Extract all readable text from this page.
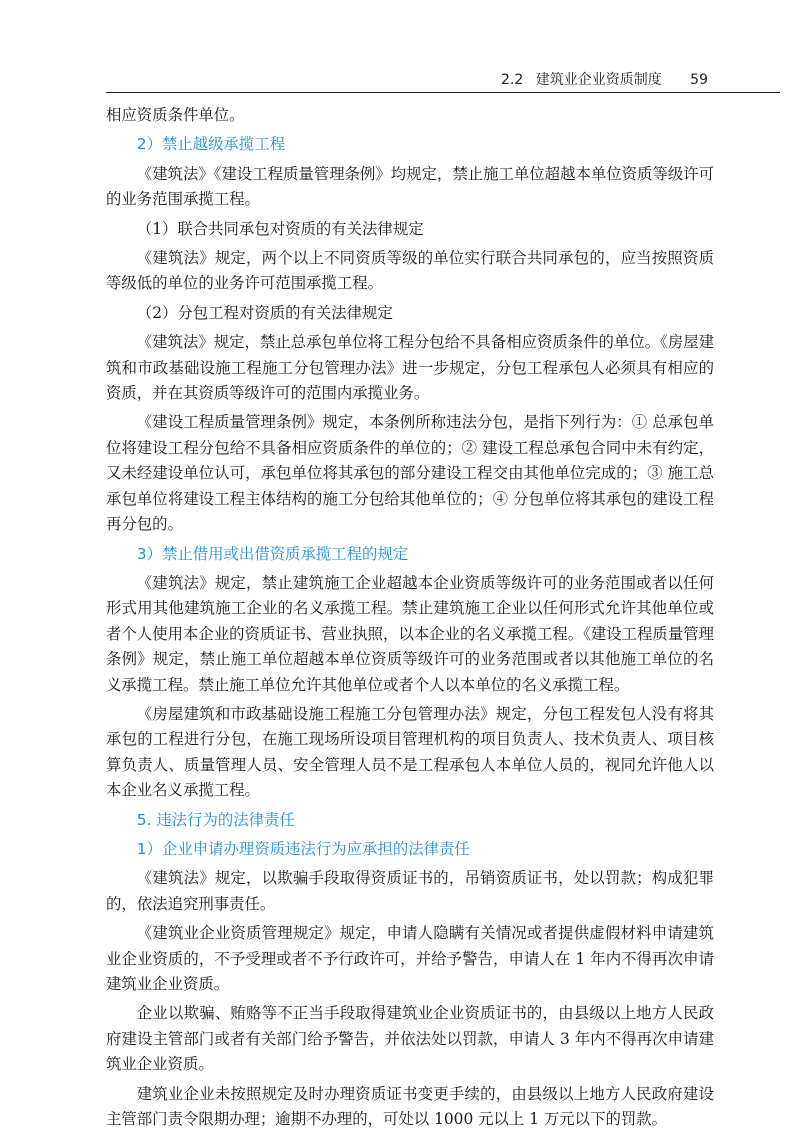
2.2 建筑业企业资质制度 59

相应资质条件单位。

2）禁止越级承揽工程

《建筑法》《建设工程质量管理条例》均规定，禁止施工单位超越本单位资质等级许可的业务范围承揽工程。

（1）联合共同承包对资质的有关法律规定

《建筑法》规定，两个以上不同资质等级的单位实行联合共同承包的，应当按照资质等级低的单位的业务许可范围承揽工程。

（2）分包工程对资质的有关法律规定

《建筑法》规定，禁止总承包单位将工程分包给不具备相应资质条件的单位。《房屋建筑和市政基础设施工程施工分包管理办法》进一步规定，分包工程承包人必须具有相应的资质，并在其资质等级许可的范围内承揽业务。

《建设工程质量管理条例》规定，本条例所称违法分包，是指下列行为：① 总承包单位将建设工程分包给不具备相应资质条件的单位的；② 建设工程总承包合同中未有约定，又未经建设单位认可，承包单位将其承包的部分建设工程交由其他单位完成的；③ 施工总承包单位将建设工程主体结构的施工分包给其他单位的；④ 分包单位将其承包的建设工程再分包的。

3）禁止借用或出借资质承揽工程的规定

《建筑法》规定，禁止建筑施工企业超越本企业资质等级许可的业务范围或者以任何形式用其他建筑施工企业的名义承揽工程。禁止建筑施工企业以任何形式允许其他单位或者个人使用本企业的资质证书、营业执照，以本企业的名义承揽工程。《建设工程质量管理条例》规定，禁止施工单位超越本单位资质等级许可的业务范围或者以其他施工单位的名义承揽工程。禁止施工单位允许其他单位或者个人以本单位的名义承揽工程。

《房屋建筑和市政基础设施工程施工分包管理办法》规定，分包工程发包人没有将其承包的工程进行分包，在施工现场所设项目管理机构的项目负责人、技术负责人、项目核算负责人、质量管理人员、安全管理人员不是工程承包人本单位人员的，视同允许他人以本企业名义承揽工程。

5. 违法行为的法律责任
1）企业申请办理资质违法行为应承担的法律责任

《建筑法》规定，以欺骗手段取得资质证书的，吊销资质证书，处以罚款；构成犯罪的，依法追究刑事责任。

《建筑业企业资质管理规定》规定，申请人隐瞒有关情况或者提供虚假材料申请建筑业企业资质的，不予受理或者不予行政许可，并给予警告，申请人在 1 年内不得再次申请建筑业企业资质。

企业以欺骗、贿赂等不正当手段取得建筑业企业资质证书的，由县级以上地方人民政府建设主管部门或者有关部门给予警告，并依法处以罚款，申请人 3 年内不得再次申请建筑业企业资质。

建筑业企业未按照规定及时办理资质证书变更手续的，由县级以上地方人民政府建设主管部门责令限期办理；逾期不办理的，可处以 1000 元以上 1 万元以下的罚款。
